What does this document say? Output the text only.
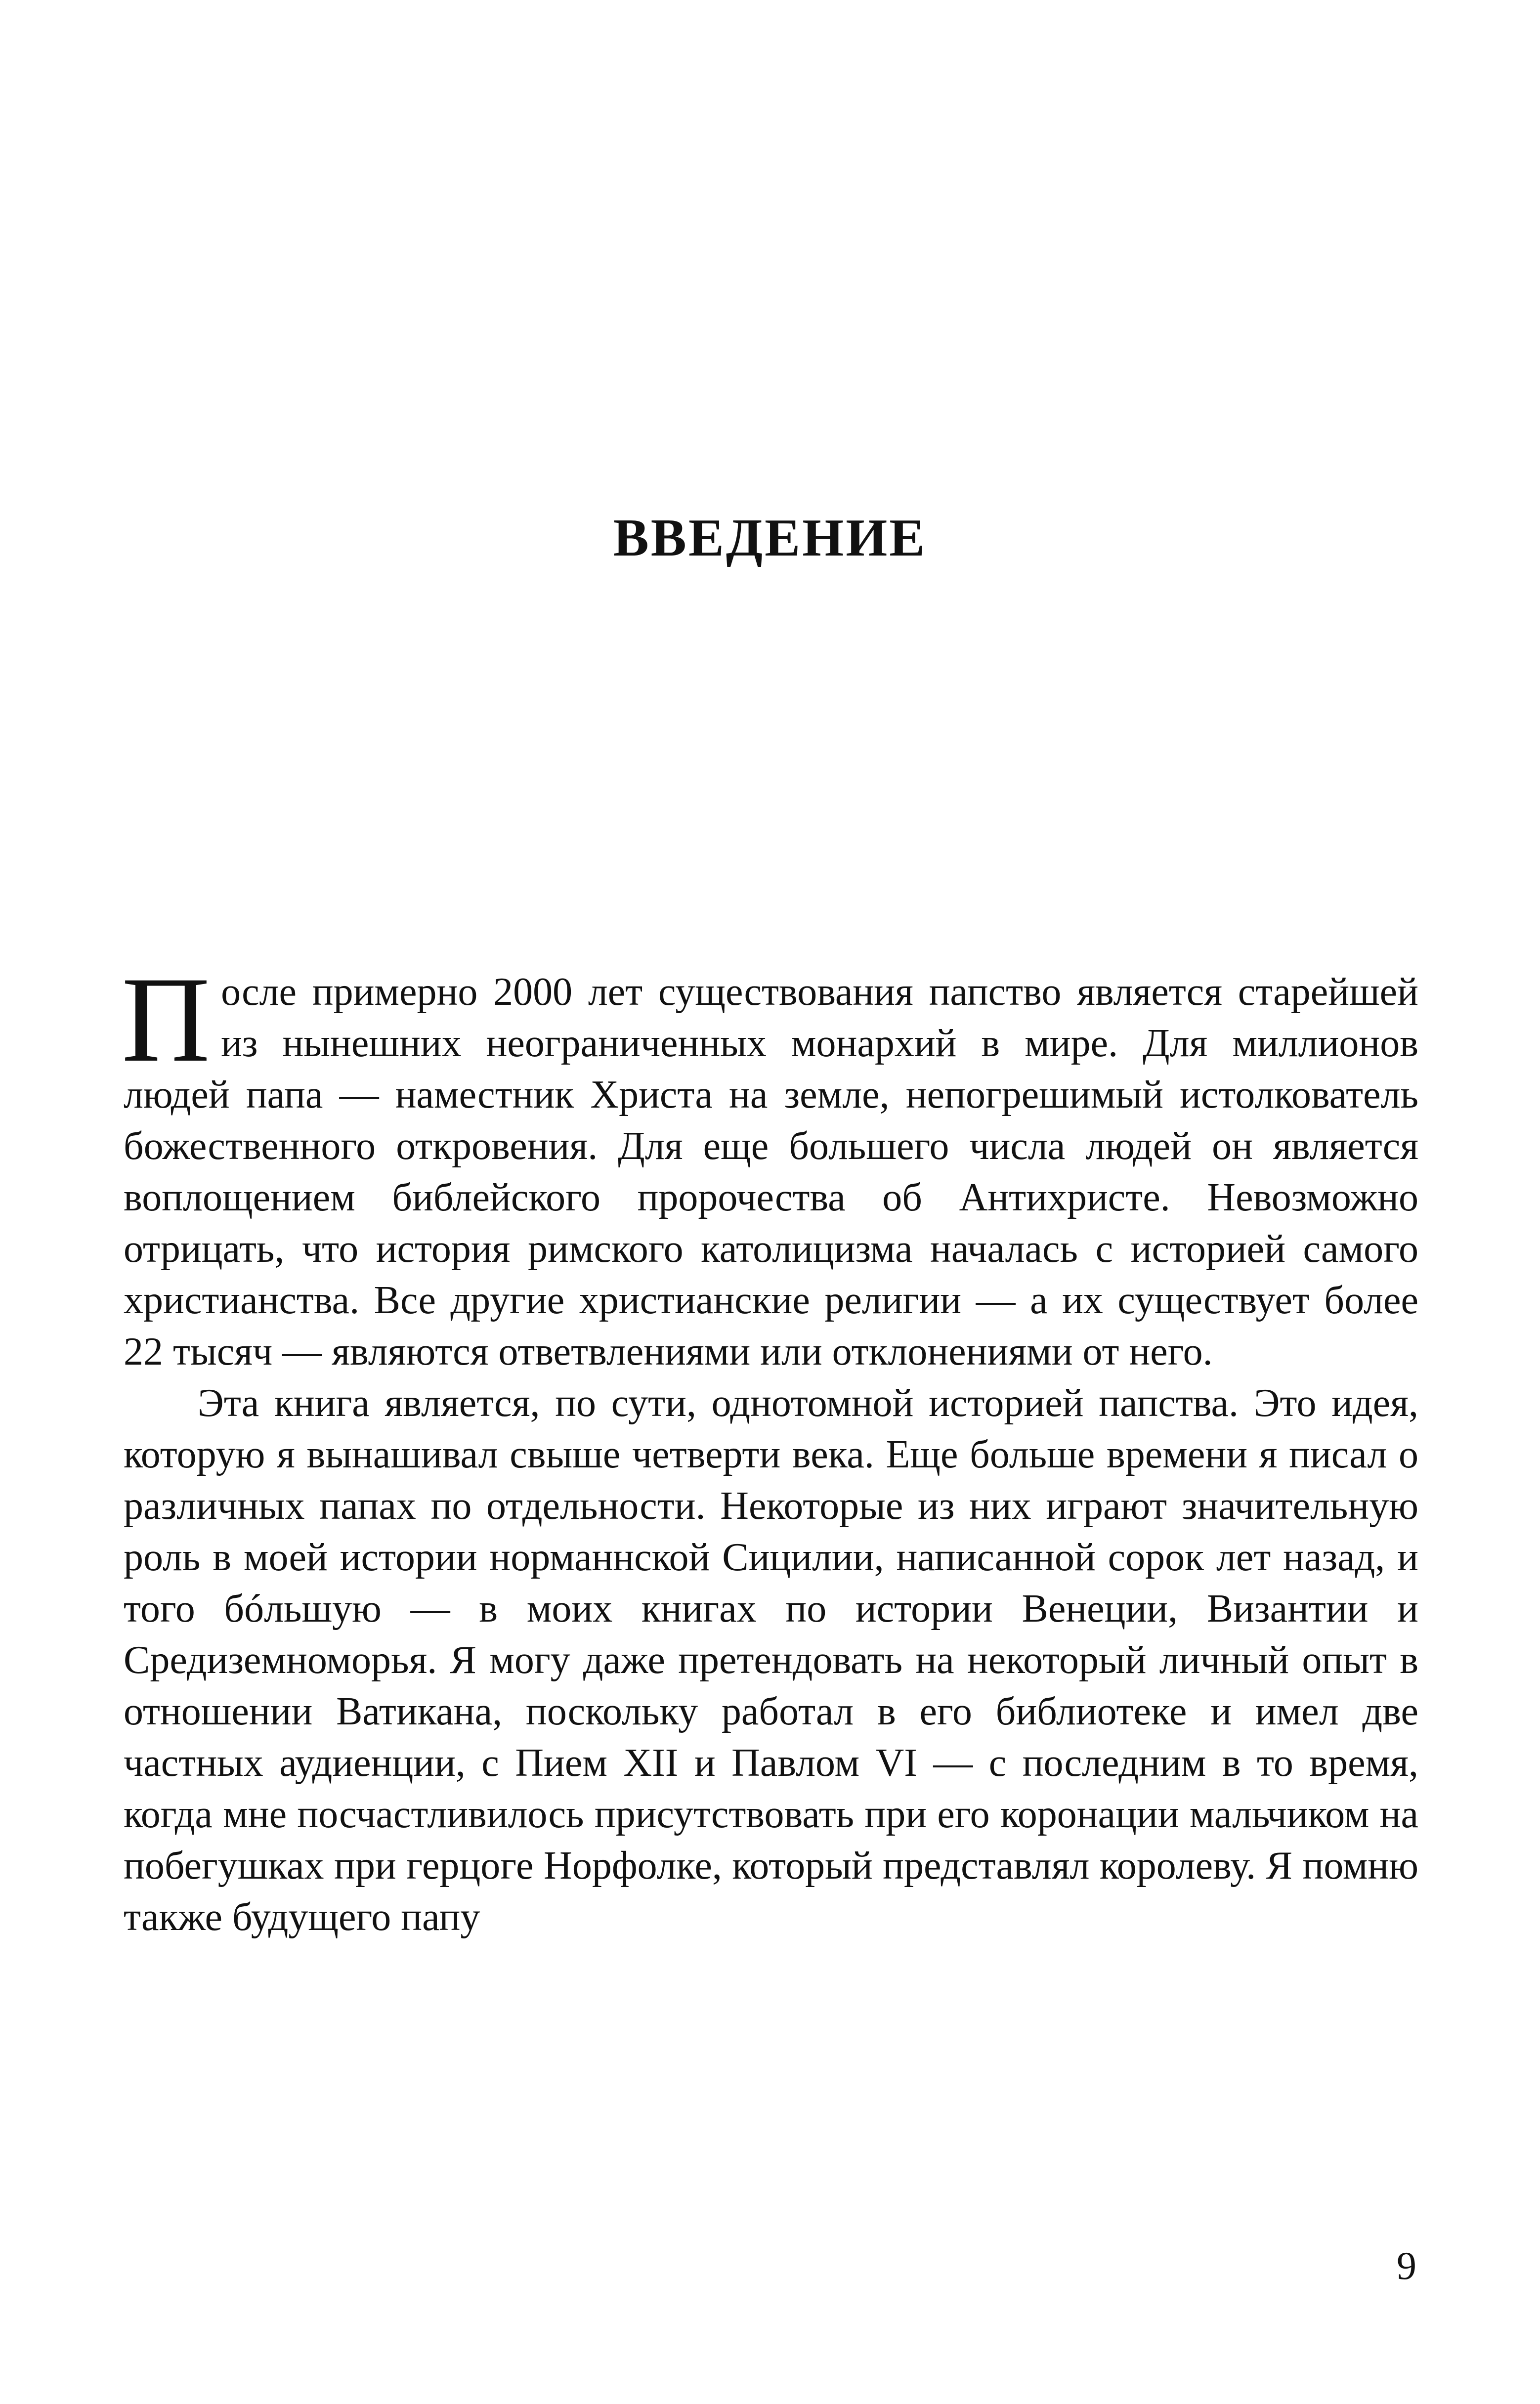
ВВЕДЕНИЕ

После примерно 2000 лет существования папство является старейшей из нынешних неограниченных монархий в мире. Для миллионов людей папа — наместник Христа на земле, непогрешимый истолкователь божественного откровения. Для еще большего числа людей он является воплощением библейского пророчества об Антихристе. Невозможно отрицать, что история римского католицизма началась с историей самого христианства. Все другие христианские религии — а их существует более 22 тысяч — являются ответвлениями или отклонениями от него.

Эта книга является, по сути, однотомной историей папства. Это идея, которую я вынашивал свыше четверти века. Еще больше времени я писал о различных папах по отдельности. Некоторые из них играют значительную роль в моей истории норманнской Сицилии, написанной сорок лет назад, и того бóльшую — в моих книгах по истории Венеции, Византии и Средиземноморья. Я могу даже претендовать на некоторый личный опыт в отношении Ватикана, поскольку работал в его библиотеке и имел две частных аудиенции, с Пием XII и Павлом VI — с последним в то время, когда мне посчастливилось присутствовать при его коронации мальчиком на побегушках при герцоге Норфолке, который представлял королеву. Я помню также будущего папу

9
